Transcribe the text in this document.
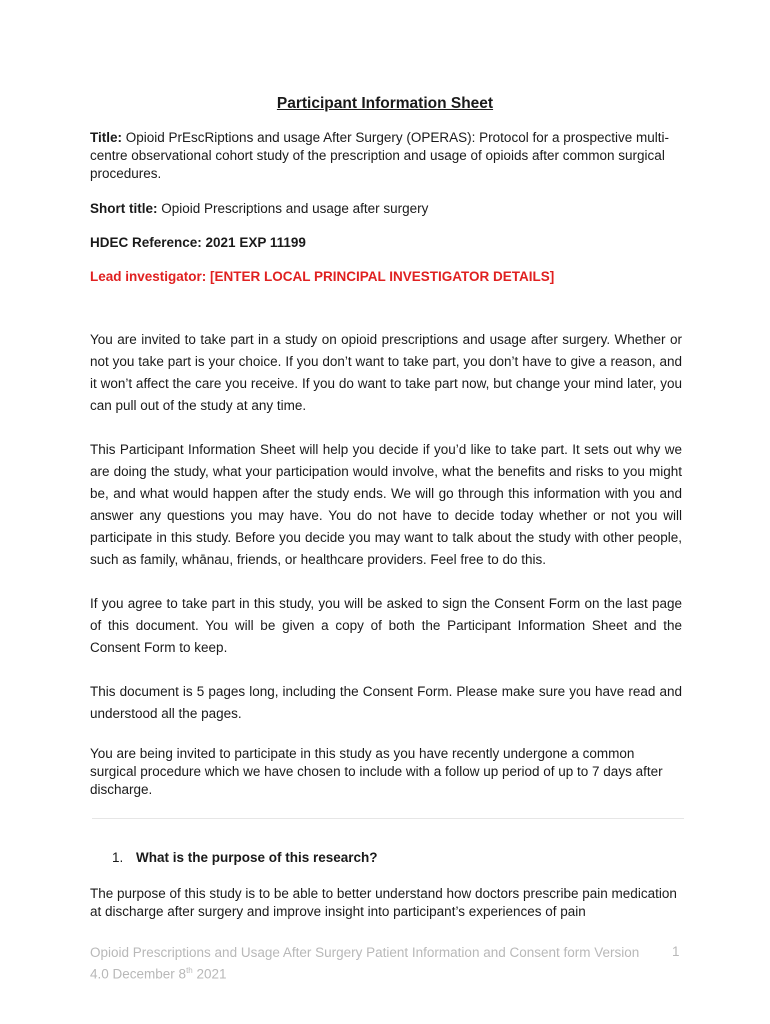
Participant Information Sheet

Title: Opioid PrEscRiptions and usage After Surgery (OPERAS): Protocol for a prospective multi-centre observational cohort study of the prescription and usage of opioids after common surgical procedures.

Short title: Opioid Prescriptions and usage after surgery

HDEC Reference: 2021 EXP 11199

Lead investigator: [ENTER LOCAL PRINCIPAL INVESTIGATOR DETAILS]

You are invited to take part in a study on opioid prescriptions and usage after surgery. Whether or not you take part is your choice. If you don’t want to take part, you don’t have to give a reason, and it won’t affect the care you receive. If you do want to take part now, but change your mind later, you can pull out of the study at any time.

This Participant Information Sheet will help you decide if you’d like to take part. It sets out why we are doing the study, what your participation would involve, what the benefits and risks to you might be, and what would happen after the study ends. We will go through this information with you and answer any questions you may have. You do not have to decide today whether or not you will participate in this study. Before you decide you may want to talk about the study with other people, such as family, whānau, friends, or healthcare providers. Feel free to do this.

If you agree to take part in this study, you will be asked to sign the Consent Form on the last page of this document. You will be given a copy of both the Participant Information Sheet and the Consent Form to keep.

This document is 5 pages long, including the Consent Form. Please make sure you have read and understood all the pages.

You are being invited to participate in this study as you have recently undergone a common surgical procedure which we have chosen to include with a follow up period of up to 7 days after discharge.

1. What is the purpose of this research?

The purpose of this study is to be able to better understand how doctors prescribe pain medication at discharge after surgery and improve insight into participant’s experiences of pain

Opioid Prescriptions and Usage After Surgery Patient Information and Consent form Version 4.0 December 8th 2021
1
